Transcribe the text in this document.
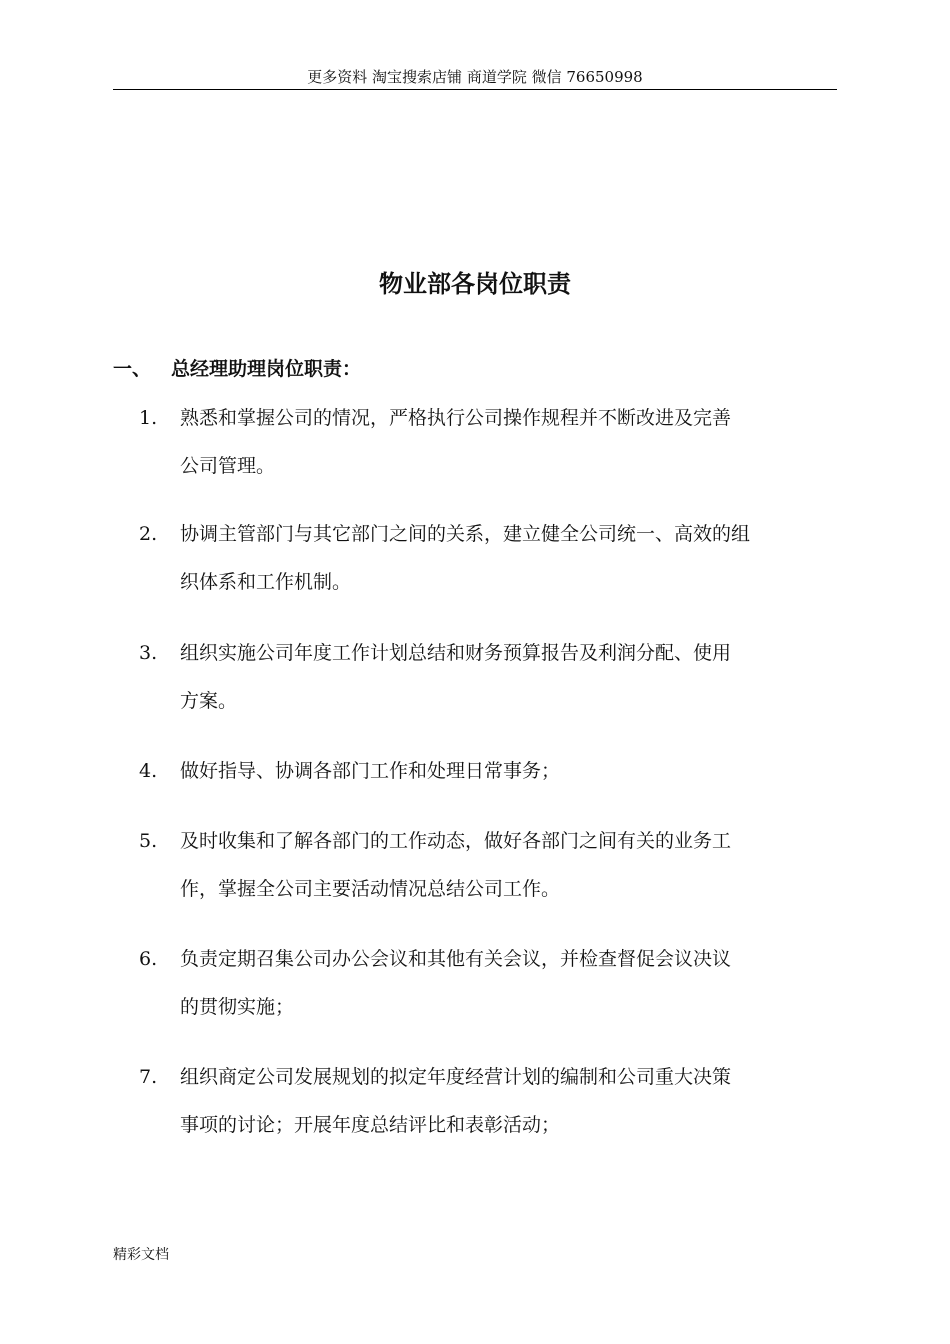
更多资料 淘宝搜索店铺 商道学院 微信 76650998
物业部各岗位职责
一、 总经理助理岗位职责：
1. 熟悉和掌握公司的情况，严格执行公司操作规程并不断改进及完善
公司管理。
2. 协调主管部门与其它部门之间的关系，建立健全公司统一、高效的组
织体系和工作机制。
3. 组织实施公司年度工作计划总结和财务预算报告及利润分配、使用
方案。
4. 做好指导、协调各部门工作和处理日常事务；
5. 及时收集和了解各部门的工作动态，做好各部门之间有关的业务工
作，掌握全公司主要活动情况总结公司工作。
6. 负责定期召集公司办公会议和其他有关会议，并检查督促会议决议
的贯彻实施；
7. 组织商定公司发展规划的拟定年度经营计划的编制和公司重大决策
事项的讨论；开展年度总结评比和表彰活动；
精彩文档
